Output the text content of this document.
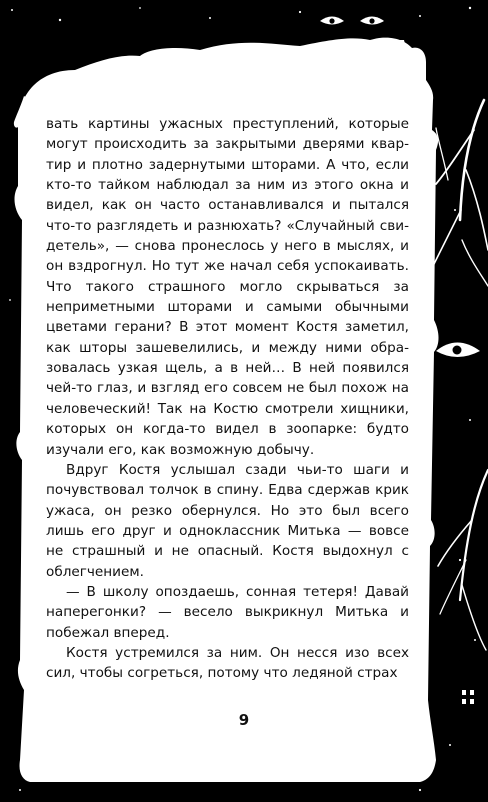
вать картины ужасных преступлений, которые могут происходить за закрытыми дверями квартир и плотно задернутыми шторами. А что, если кто-то тайком наблюдал за ним из этого окна и видел, как он часто останавливался и пытался что-то разглядеть и разнюхать? «Случайный свидетель», — снова пронеслось у него в мыслях, и он вздрогнул. Но тут же начал себя успокаивать. Что такого страшного могло скрываться за неприметными шторами и самыми обычными цветами герани? В этот момент Костя заметил, как шторы зашевелились, и между ними образовалась узкая щель, а в ней… В ней появился чей-то глаз, и взгляд его совсем не был похож на человеческий! Так на Костю смотрели хищники, которых он когда-то видел в зоопарке: будто изучали его, как возможную добычу.

Вдруг Костя услышал сзади чьи-то шаги и почувствовал толчок в спину. Едва сдержав крик ужаса, он резко обернулся. Но это был всего лишь его друг и одноклассник Митька — вовсе не страшный и не опасный. Костя выдохнул с облегчением.

— В школу опоздаешь, сонная тетеря! Давай наперегонки? — весело выкрикнул Митька и побежал вперед.

Костя устремился за ним. Он несся изо всех сил, чтобы согреться, потому что ледяной страх

9
